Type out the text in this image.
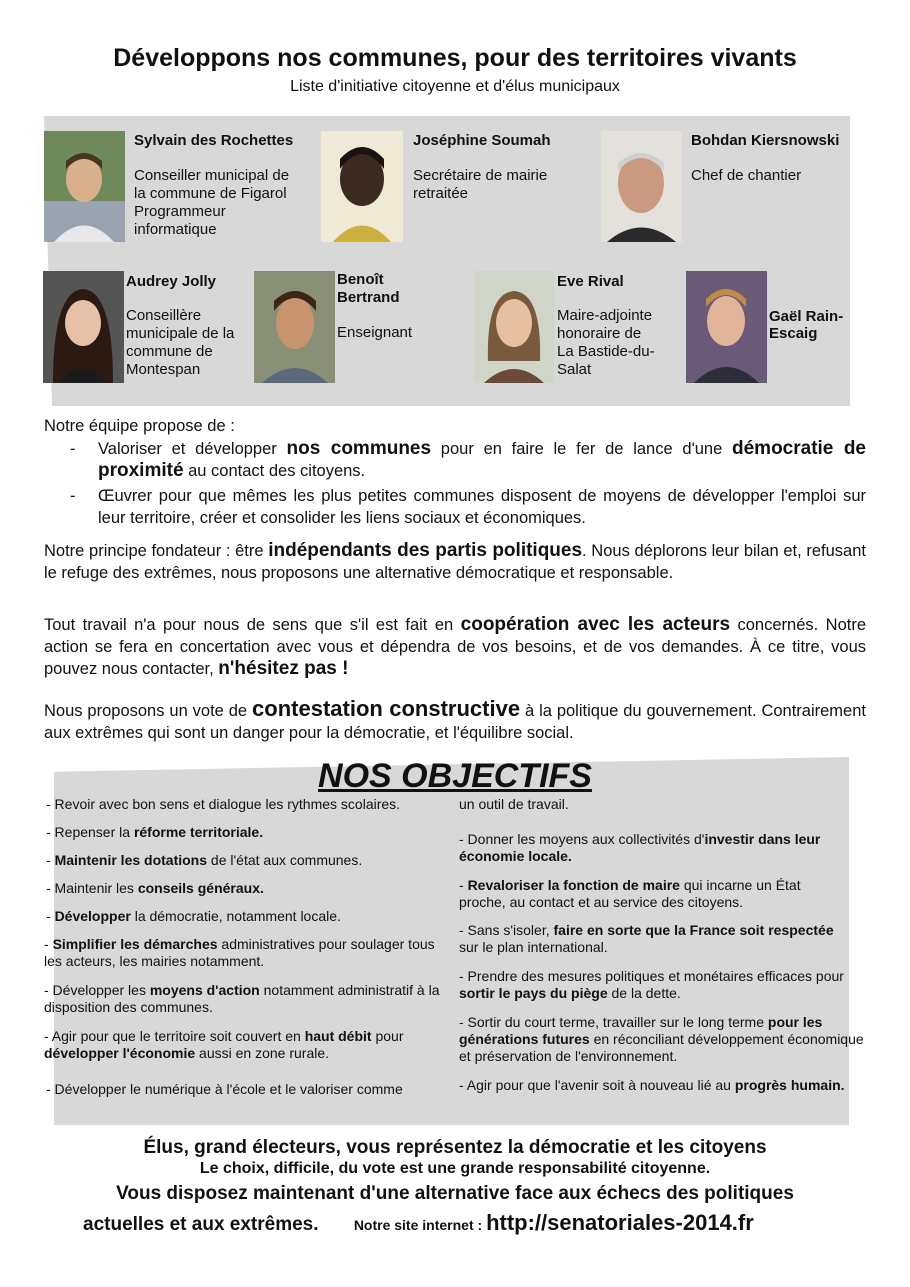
Développons nos communes, pour des territoires vivants
Liste d'initiative citoyenne et d'élus municipaux
Sylvain des Rochettes
Conseiller municipal de la commune de Figarol Programmeur informatique
Joséphine Soumah
Secrétaire de mairie retraitée
Bohdan Kiersnowski
Chef de chantier
Audrey Jolly
Conseillère municipale de la commune de Montespan
Benoît Bertrand
Enseignant
Eve Rival
Maire-adjointe honoraire de La Bastide-du-Salat
Gaël Rain-Escaig
Notre équipe propose de :
- Valoriser et développer nos communes pour en faire le fer de lance d'une démocratie de proximité au contact des citoyens.
- Œuvrer pour que mêmes les plus petites communes disposent de moyens de développer l'emploi sur leur territoire, créer et consolider les liens sociaux et économiques.
Notre principe fondateur : être indépendants des partis politiques. Nous déplorons leur bilan et, refusant le refuge des extrêmes, nous proposons une alternative démocratique et responsable.
Tout travail n'a pour nous de sens que s'il est fait en coopération avec les acteurs concernés. Notre action se fera en concertation avec vous et dépendra de vos besoins, et de vos demandes. À ce titre, vous pouvez nous contacter, n'hésitez pas !
Nous proposons un vote de contestation constructive à la politique du gouvernement. Contrairement aux extrêmes qui sont un danger pour la démocratie, et l'équilibre social.
NOS OBJECTIFS
- Revoir avec bon sens et dialogue les rythmes scolaires.
- Repenser la réforme territoriale.
- Maintenir les dotations de l'état aux communes.
- Maintenir les conseils généraux.
- Développer la démocratie, notamment locale.
- Simplifier les démarches administratives pour soulager tous les acteurs, les mairies notamment.
- Développer les moyens d'action notamment administratif à la disposition des communes.
- Agir pour que le territoire soit couvert en haut débit pour développer l'économie aussi en zone rurale.
- Développer le numérique à l'école et le valoriser comme
un outil de travail.
- Donner les moyens aux collectivités d'investir dans leur économie locale.
- Revaloriser la fonction de maire qui incarne un État proche, au contact et au service des citoyens.
- Sans s'isoler, faire en sorte que la France soit respectée sur le plan international.
- Prendre des mesures politiques et monétaires efficaces pour sortir le pays du piège de la dette.
- Sortir du court terme, travailler sur le long terme pour les générations futures en réconciliant développement économique et préservation de l'environnement.
- Agir pour que l'avenir soit à nouveau lié au progrès humain.
Élus, grand électeurs, vous représentez la démocratie et les citoyens
Le choix, difficile, du vote est une grande responsabilité citoyenne.
Vous disposez maintenant d'une alternative face aux échecs des politiques
actuelles et aux extrêmes.	Notre site internet : http://senatoriales-2014.fr
